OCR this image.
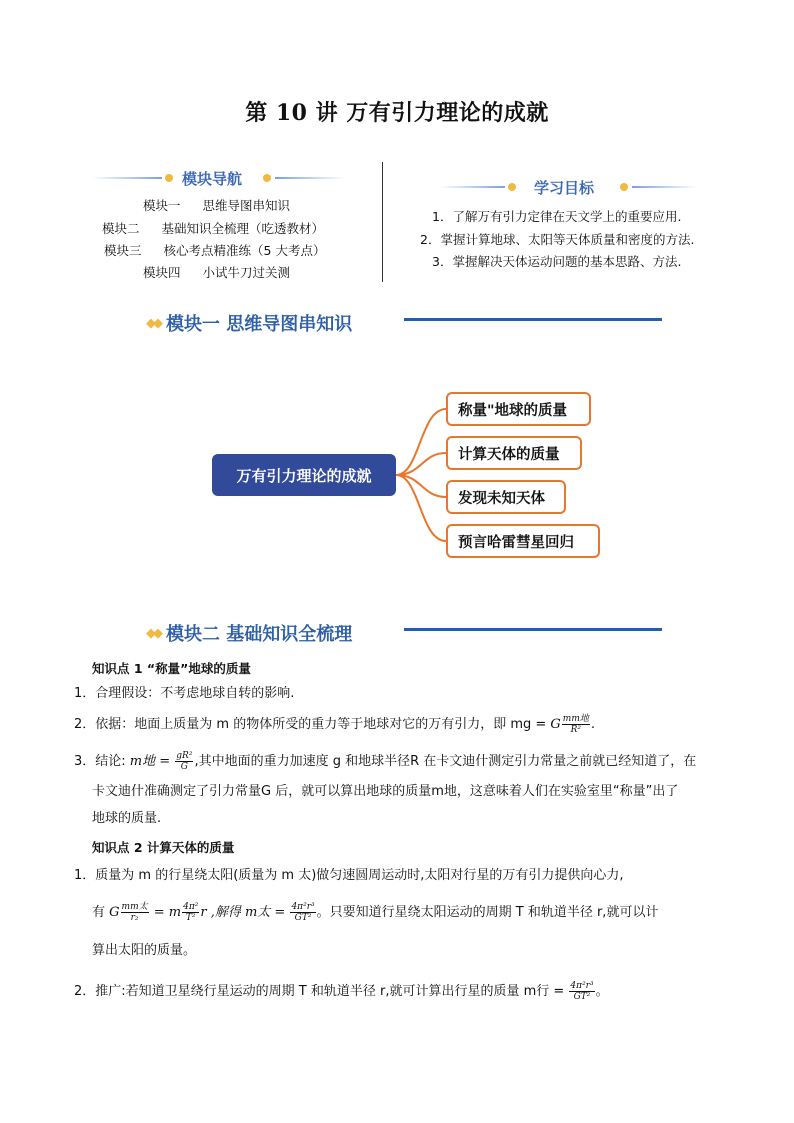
第 10 讲 万有引力理论的成就
模块导航
模块一 思维导图串知识
模块二 基础知识全梳理（吃透教材）
模块三 核心考点精准练（5 大考点）
模块四 小试牛刀过关测
学习目标
1．了解万有引力定律在天文学上的重要应用.
2．掌握计算地球、太阳等天体质量和密度的方法.
3．掌握解决天体运动问题的基本思路、方法.
◆◆ 模块一 思维导图串知识
万有引力理论的成就
称量"地球的质量
计算天体的质量
发现未知天体
预言哈雷彗星回归
◆◆ 模块二 基础知识全梳理
知识点 1 “称量”地球的质量
1．合理假设：不考虑地球自转的影响.
2．依据：地面上质量为 m 的物体所受的重力等于地球对它的万有引力，即 mg = G $\frac{\text{mm地}}{\text{R²}}$ .
3．结论: m地 = $\frac{\text{gR²}}{G}$ ,其中地面的重力加速度 g 和地球半径R 在卡文迪什测定引力常量之前就已经知道了，在
卡文迪什准确测定了引力常量G 后，就可以算出地球的质量m地，这意味着人们在实验室里“称量”出了
地球的质量.
知识点 2 计算天体的质量
1．质量为 m 的行星绕太阳(质量为 m 太)做匀速圆周运动时,太阳对行星的万有引力提供向心力,
有 G $\frac{\text{mm太}}{\text{r₂}} = m \frac{\text{4π²}}{\text{T²}}$ r ,解得 m太 = $\frac{\text{4π²r³}}{\text{GT²}}$ 。只要知道行星绕太阳运动的周期 T 和轨道半径 r,就可以计
算出太阳的质量。
2．推广:若知道卫星绕行星运动的周期 T 和轨道半径 r,就可计算出行星的质量 m行 = $\frac{\text{4π²r³}}{\text{GT²}}$ 。
